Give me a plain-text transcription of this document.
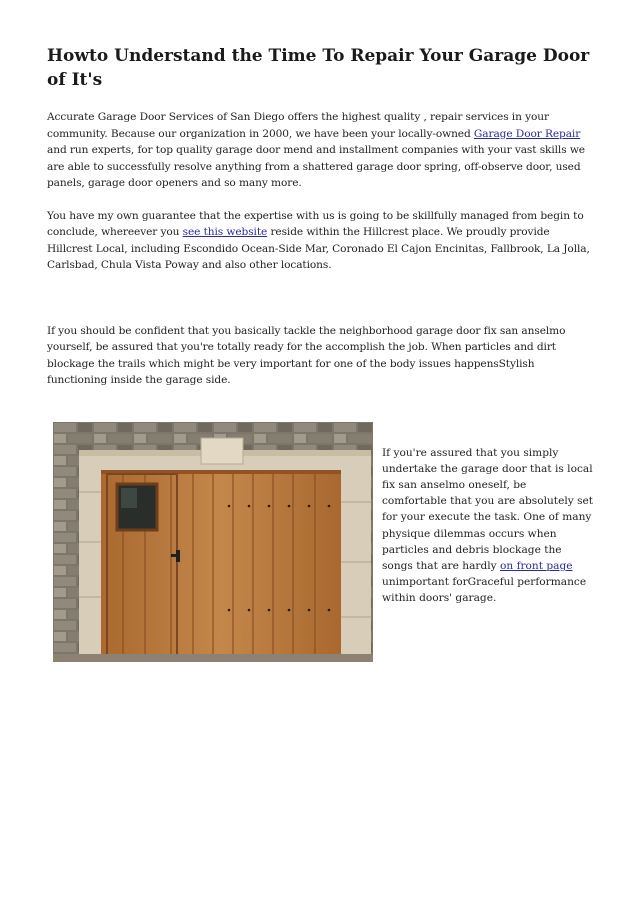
Howto Understand the Time To Repair Your Garage Door of It's

Accurate Garage Door Services of San Diego offers the highest quality , repair services in your community. Because our organization in 2000, we have been your locally-owned Garage Door Repair and run experts, for top quality garage door mend and installment companies with your vast skills we are able to successfully resolve anything from a shattered garage door spring, off-observe door, used panels, garage door openers and so many more.

You have my own guarantee that the expertise with us is going to be skillfully managed from begin to conclude, whereever you see this website reside within the Hillcrest place. We proudly provide Hillcrest Local, including Escondido Ocean-Side Mar, Coronado El Cajon Encinitas, Fallbrook, La Jolla, Carlsbad, Chula Vista Poway and also other locations.

If you should be confident that you basically tackle the neighborhood garage door fix san anselmo yourself, be assured that you're totally ready for the accomplish the job. When particles and dirt blockage the trails which might be very important for one of the body issues happensStylish functioning inside the garage side.

If you're assured that you simply undertake the garage door that is local fix san anselmo oneself, be comfortable that you are absolutely set for your execute the task. One of many physique dilemmas occurs when particles and debris blockage the songs that are hardly on front page unimportant forGraceful performance within doors' garage.
